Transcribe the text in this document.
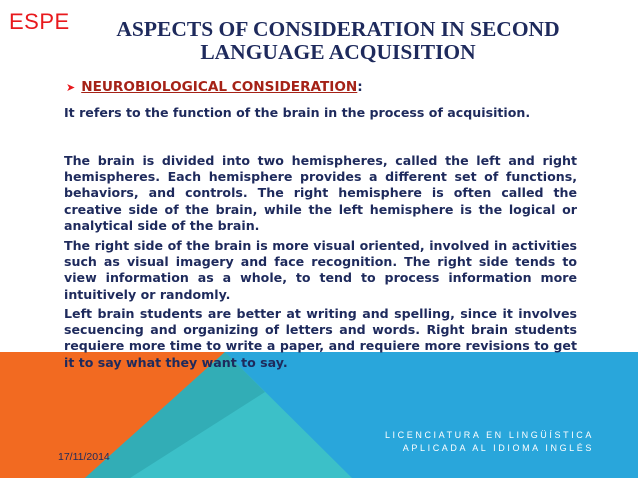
ESPE	ASPECTS OF CONSIDERATION IN SECOND
LANGUAGE ACQUISITION
➤ NEUROBIOLOGICAL CONSIDERATION:
It refers to the function of the brain in the process of acquisition.

The brain is divided into two hemispheres, called the left and right hemispheres. Each hemisphere provides a different set of functions, behaviors, and controls. The right hemisphere is often called the creative side of the brain, while the left hemisphere is the logical or analytical side of the brain.

The right side of the brain is more visual oriented, involved in activities such as visual imagery and face recognition. The right side tends to view information as a whole, to tend to process information more intuitively or randomly.

Left brain students are better at writing and spelling, since it involves secuencing and organizing of letters and words. Right brain students requiere more time to write a paper, and requiere more revisions to get it to say what they want to say.

17/11/2014
LICENCIATURA EN LINGÜÍSTICA
APLICADA AL IDIOMA INGLÉS
